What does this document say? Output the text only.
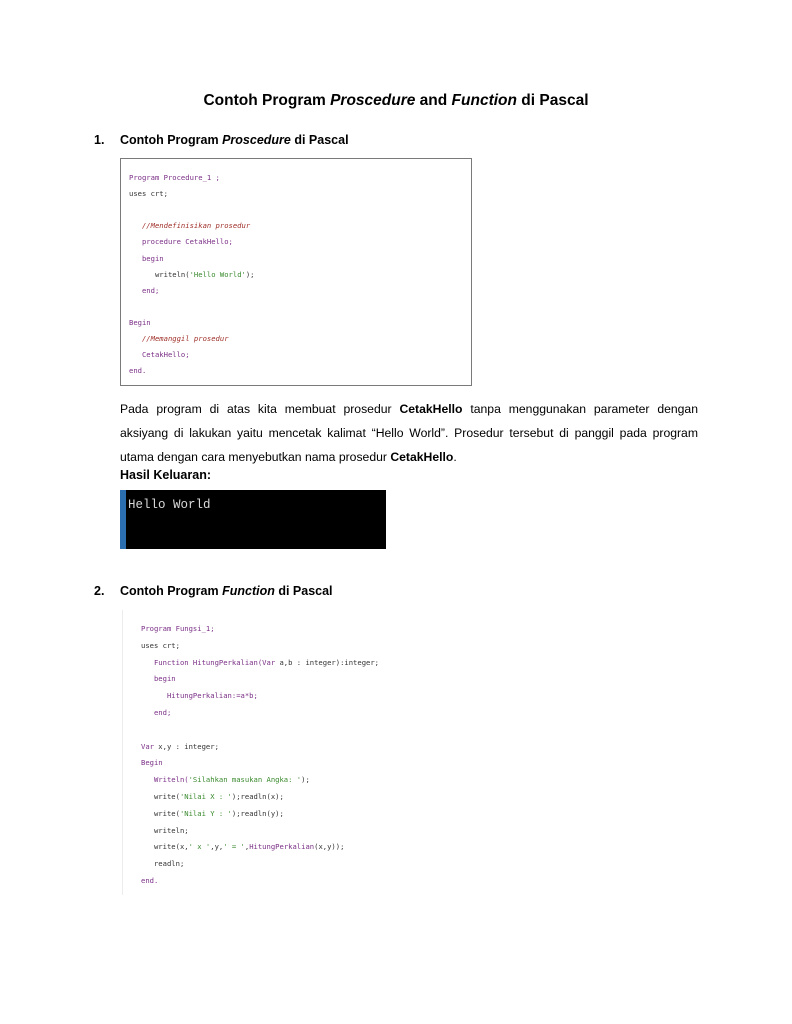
Contoh Program Proscedure and Function di Pascal
1. Contoh Program Proscedure di Pascal
Program Procedure_1 ;
uses crt;
//Mendefinisikan prosedur
procedure CetakHello;
begin
writeln('Hello World');
end;
Begin
//Memanggil prosedur
CetakHello;
end.
Pada program di atas kita membuat prosedur CetakHello tanpa menggunakan parameter dengan aksiyang di lakukan yaitu mencetak kalimat “Hello World”. Prosedur tersebut di panggil pada program utama dengan cara menyebutkan nama prosedur CetakHello.
Hasil Keluaran:
Hello World
2. Contoh Program Function di Pascal
Program Fungsi_1;
uses crt;
Function HitungPerkalian(Var a,b : integer):integer;
begin
HitungPerkalian:=a*b;
end;
Var x,y : integer;
Begin
Writeln('Silahkan masukan Angka: ');
write('Nilai X : ');readln(x);
write('Nilai Y : ');readln(y);
writeln;
write(x,' x ',y,' = ',HitungPerkalian(x,y));
readln;
end.
